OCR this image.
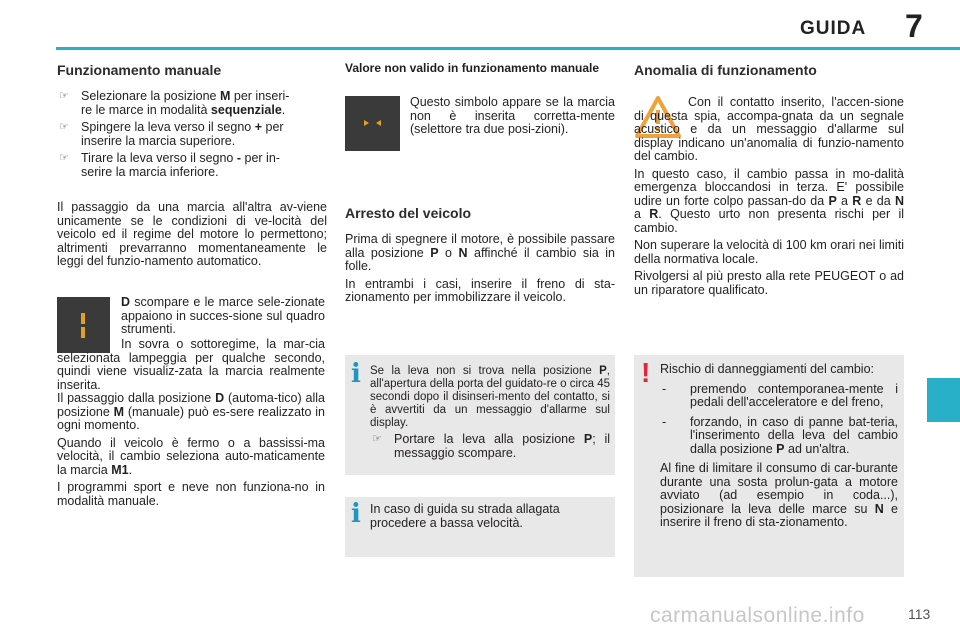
GUIDA 7
Funzionamento manuale
☞ Selezionare la posizione M per inseri-
re le marce in modalità sequenziale.
☞ Spingere la leva verso il segno + per
inserire la marcia superiore.
☞ Tirare la leva verso il segno - per in-
serire la marcia inferiore.
Il passaggio da una marcia all'altra av-viene unicamente se le condizioni di ve-locità del veicolo ed il regime del motore lo permettono; altrimenti prevarranno momentaneamente le leggi del funzio-namento automatico.

D scompare e le marce sele-zionate appaiono in succes-sione sul quadro strumenti.

In sovra o sottoregime, la mar-cia selezionata lampeggia per qualche secondo, quindi viene visualiz-zata la marcia realmente inserita.

Il passaggio dalla posizione D (automa-tico) alla posizione M (manuale) può es-sere realizzato in ogni momento.

Quando il veicolo è fermo o a bassissi-ma velocità, il cambio seleziona auto-maticamente la marcia M1.

I programmi sport e neve non funziona-no in modalità manuale.

Valore non valido in funzionamento manuale
Questo simbolo appare se la marcia non è inserita corretta-mente (selettore tra due posi-zioni).
Arresto del veicolo

Prima di spegnere il motore, è possibile passare alla posizione P o N affinché il cambio sia in folle.

In entrambi i casi, inserire il freno di sta-zionamento per immobilizzare il veicolo.

i Se la leva non si trova nella posizione P, all'apertura della porta del guidato-re o circa 45 secondi dopo il disinseri-mento del contatto, si è avvertiti da un messaggio d'allarme sul display.
☞ Portare la leva alla posizione P; il messaggio scompare.
i In caso di guida su strada allagata procedere a bassa velocità.
Anomalia di funzionamento

Con il contatto inserito, l'accen-sione di questa spia, accompa-gnata da un segnale acustico e da un messaggio d'allarme sul display indicano un'anomalia di funzio-namento del cambio.

In questo caso, il cambio passa in mo-dalità emergenza bloccandosi in terza. E' possibile udire un forte colpo passan-do da P a R e da N a R. Questo urto non presenta rischi per il cambio.

Non superare la velocità di 100 km orari nei limiti della normativa locale.

Rivolgersi al più presto alla rete PEUGEOT o ad un riparatore qualificato.

! Rischio di danneggiamenti del cambio:
- premendo contemporanea-mente i pedali dell'acceleratore e del freno,
- forzando, in caso di panne bat-teria, l'inserimento della leva del cambio dalla posizione P ad un'altra.
Al fine di limitare il consumo di car-burante durante una sosta prolun-gata a motore avviato (ad esempio in coda...), posizionare la leva delle marce su N e inserire il freno di sta-zionamento.
carmanualsonline.info	113
